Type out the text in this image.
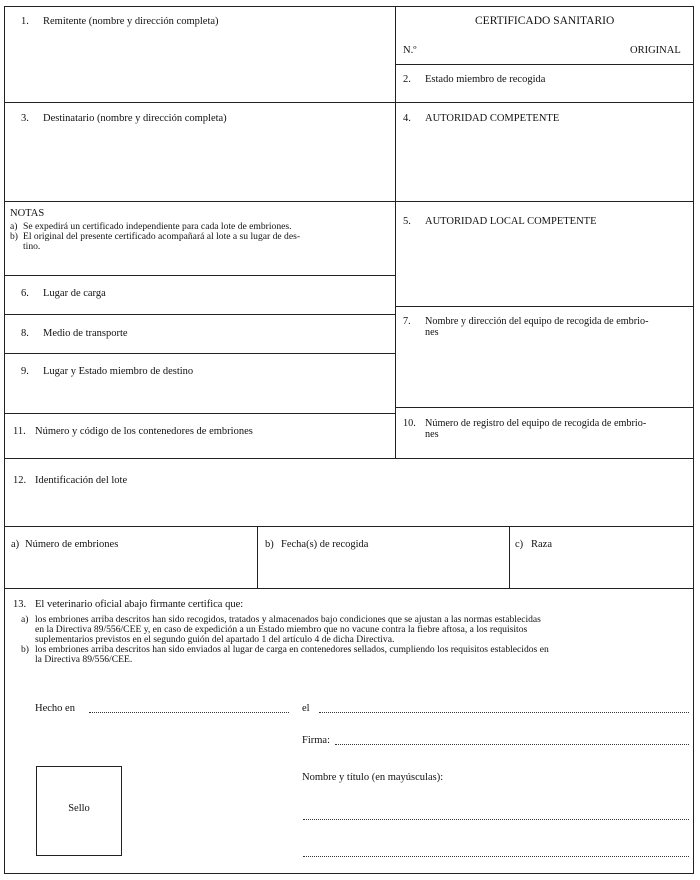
CERTIFICADO SANITARIO
N.º	ORIGINAL
1. Remitente (nombre y dirección completa)
2. Estado miembro de recogida
3. Destinatario (nombre y dirección completa)	4. AUTORIDAD COMPETENTE
NOTAS
a) Se expedirá un certificado independiente para cada lote de embriones.
b) El original del presente certificado acompañará al lote a su lugar de des-
tino.
5. AUTORIDAD LOCAL COMPETENTE
6. Lugar de carga
7. Nombre y dirección del equipo de recogida de embrio-
nes
8. Medio de transporte
9. Lugar y Estado miembro de destino
10. Número de registro del equipo de recogida de embrio-
nes
11. Número y código de los contenedores de embriones
12. Identificación del lote
a) Número de embriones	b) Fecha(s) de recogida	c) Raza
13. El veterinario oficial abajo firmante certifica que:
a) los embriones arriba descritos han sido recogidos, tratados y almacenados bajo condiciones que se ajustan a las normas establecidas
en la Directiva 89/556/CEE y, en caso de expedición a un Estado miembro que no vacune contra la fiebre aftosa, a los requisitos
suplementarios previstos en el segundo guión del apartado 1 del artículo 4 de dicha Directiva.
b) los embriones arriba descritos han sido enviados al lugar de carga en contenedores sellados, cumpliendo los requisitos establecidos en
la Directiva 89/556/CEE.
Hecho en	el
Firma:
Sello
Nombre y título (en mayúsculas):
